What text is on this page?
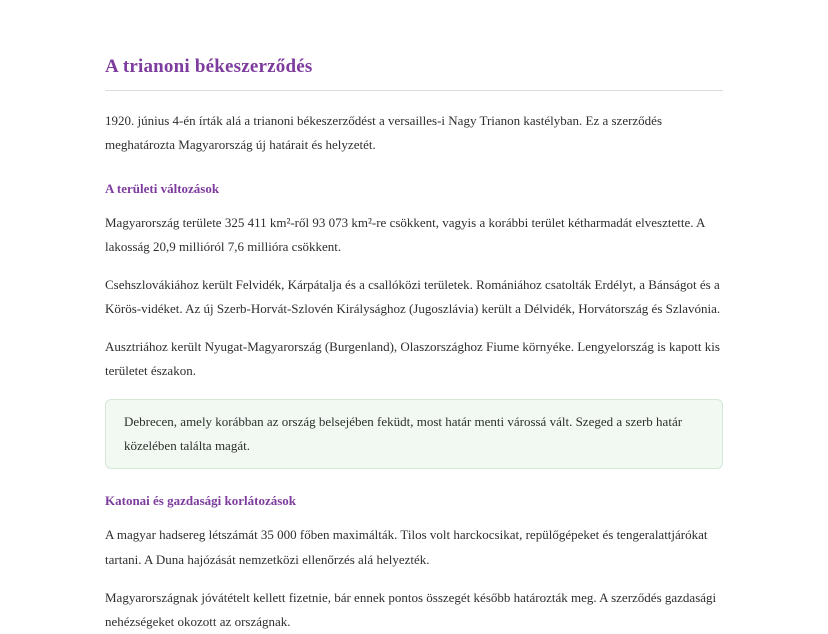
A trianoni békeszerződés

1920. június 4-én írták alá a trianoni békeszerződést a versailles-i Nagy Trianon kastélyban. Ez a szerződés meghatározta Magyarország új határait és helyzetét.

A területi változások

Magyarország területe 325 411 km²-ről 93 073 km²-re csökkent, vagyis a korábbi terület kétharmadát elvesztette. A lakosság 20,9 millióról 7,6 millióra csökkent.

Csehszlovákiához került Felvidék, Kárpátalja és a csallóközi területek. Romániához csatolták Erdélyt, a Bánságot és a Körös-vidéket. Az új Szerb-Horvát-Szlovén Királysághoz (Jugoszlávia) került a Délvidék, Horvátország és Szlavónia.

Ausztriához került Nyugat-Magyarország (Burgenland), Olaszországhoz Fiume környéke. Lengyelország is kapott kis területet északon.

Debrecen, amely korábban az ország belsejében feküdt, most határ menti várossá vált. Szeged a szerb határ közelében találta magát.

Katonai és gazdasági korlátozások

A magyar hadsereg létszámát 35 000 főben maximálták. Tilos volt harckocsikat, repülőgépeket és tengeralattjárókat tartani. A Duna hajózását nemzetközi ellenőrzés alá helyezték.

Magyarországnak jóvátételt kellett fizetnie, bár ennek pontos összegét később határozták meg. A szerződés gazdasági nehézségeket okozott az országnak.
